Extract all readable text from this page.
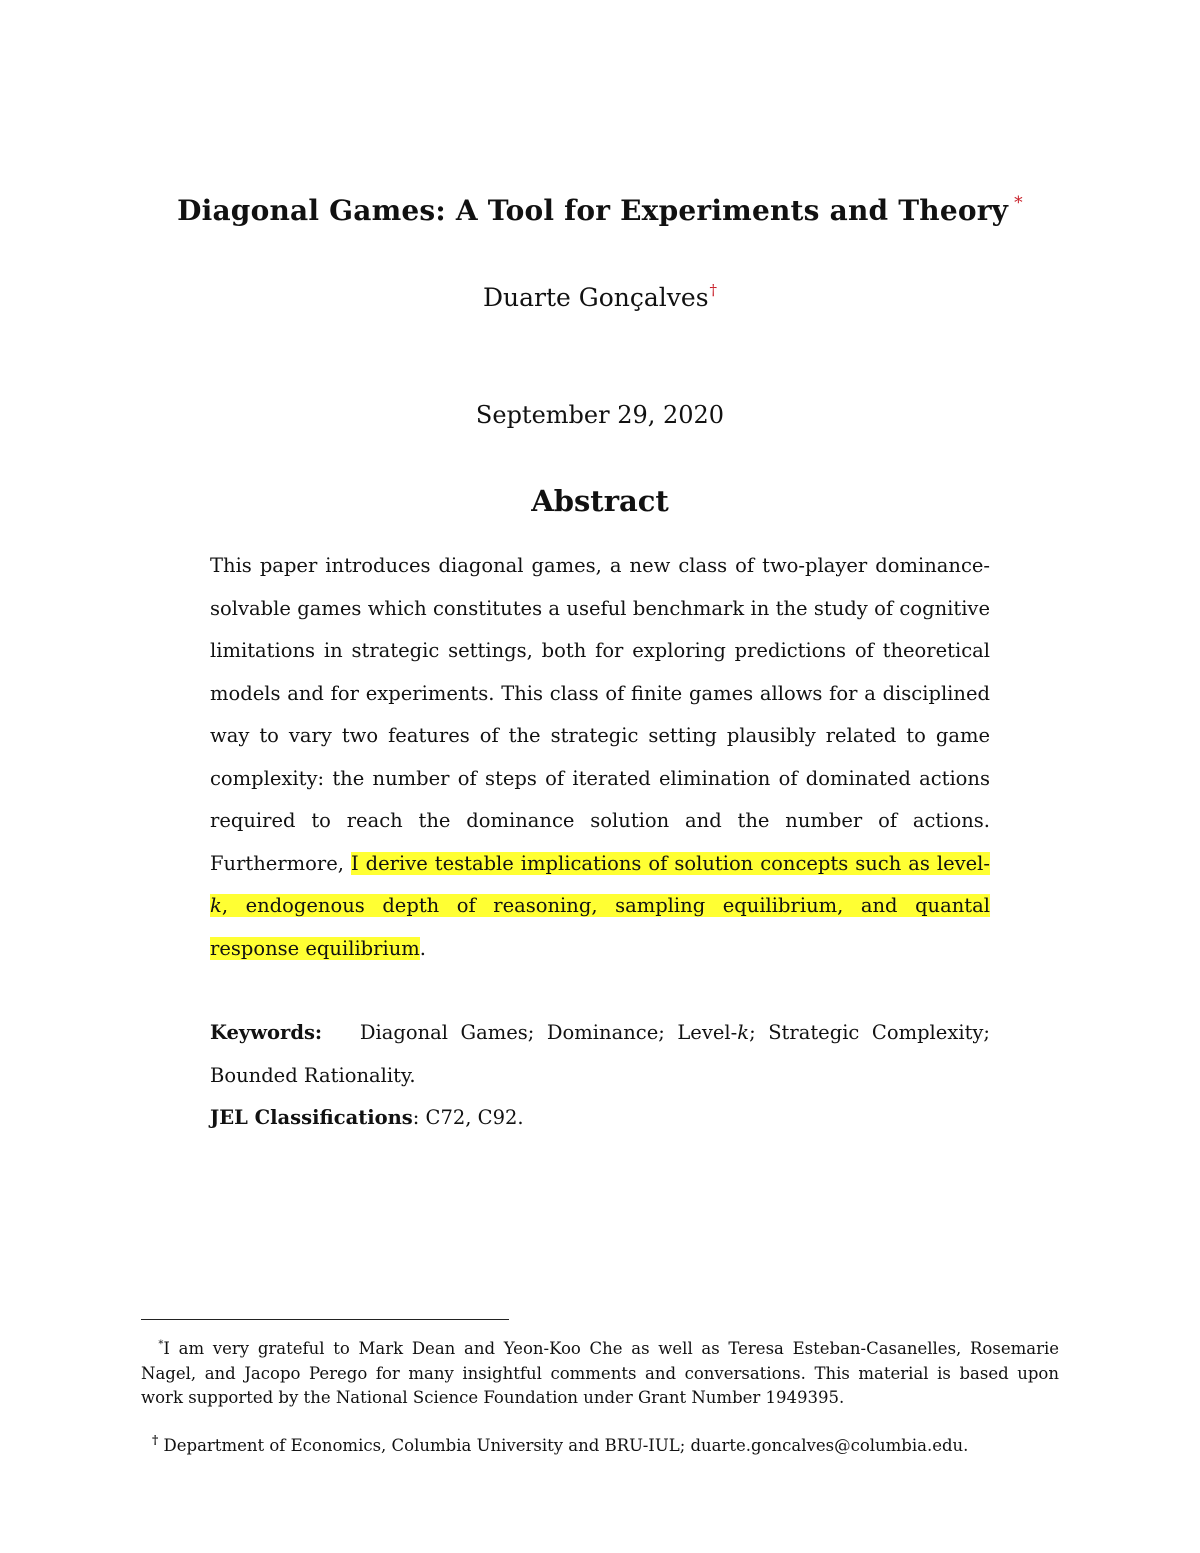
Diagonal Games: A Tool for Experiments and Theory *
Duarte Gonçalves†
September 29, 2020
Abstract
This paper introduces diagonal games, a new class of two-player dominance-solvable games which constitutes a useful benchmark in the study of cognitive limitations in strategic settings, both for exploring predictions of theoretical models and for experiments. This class of finite games allows for a disciplined way to vary two features of the strategic setting plausibly related to game complexity: the number of steps of iterated elimination of dominated actions required to reach the dominance solution and the number of actions. Furthermore, I derive testable implications of solution concepts such as level-k, endogenous depth of reasoning, sampling equilibrium, and quantal response equilibrium.
Keywords: Diagonal Games; Dominance; Level-k; Strategic Complexity; Bounded Rationality.
JEL Classifications: C72, C92.
*I am very grateful to Mark Dean and Yeon-Koo Che as well as Teresa Esteban-Casanelles, Rosemarie Nagel, and Jacopo Perego for many insightful comments and conversations. This material is based upon work supported by the National Science Foundation under Grant Number 1949395.
† Department of Economics, Columbia University and BRU-IUL; duarte.goncalves@columbia.edu.
